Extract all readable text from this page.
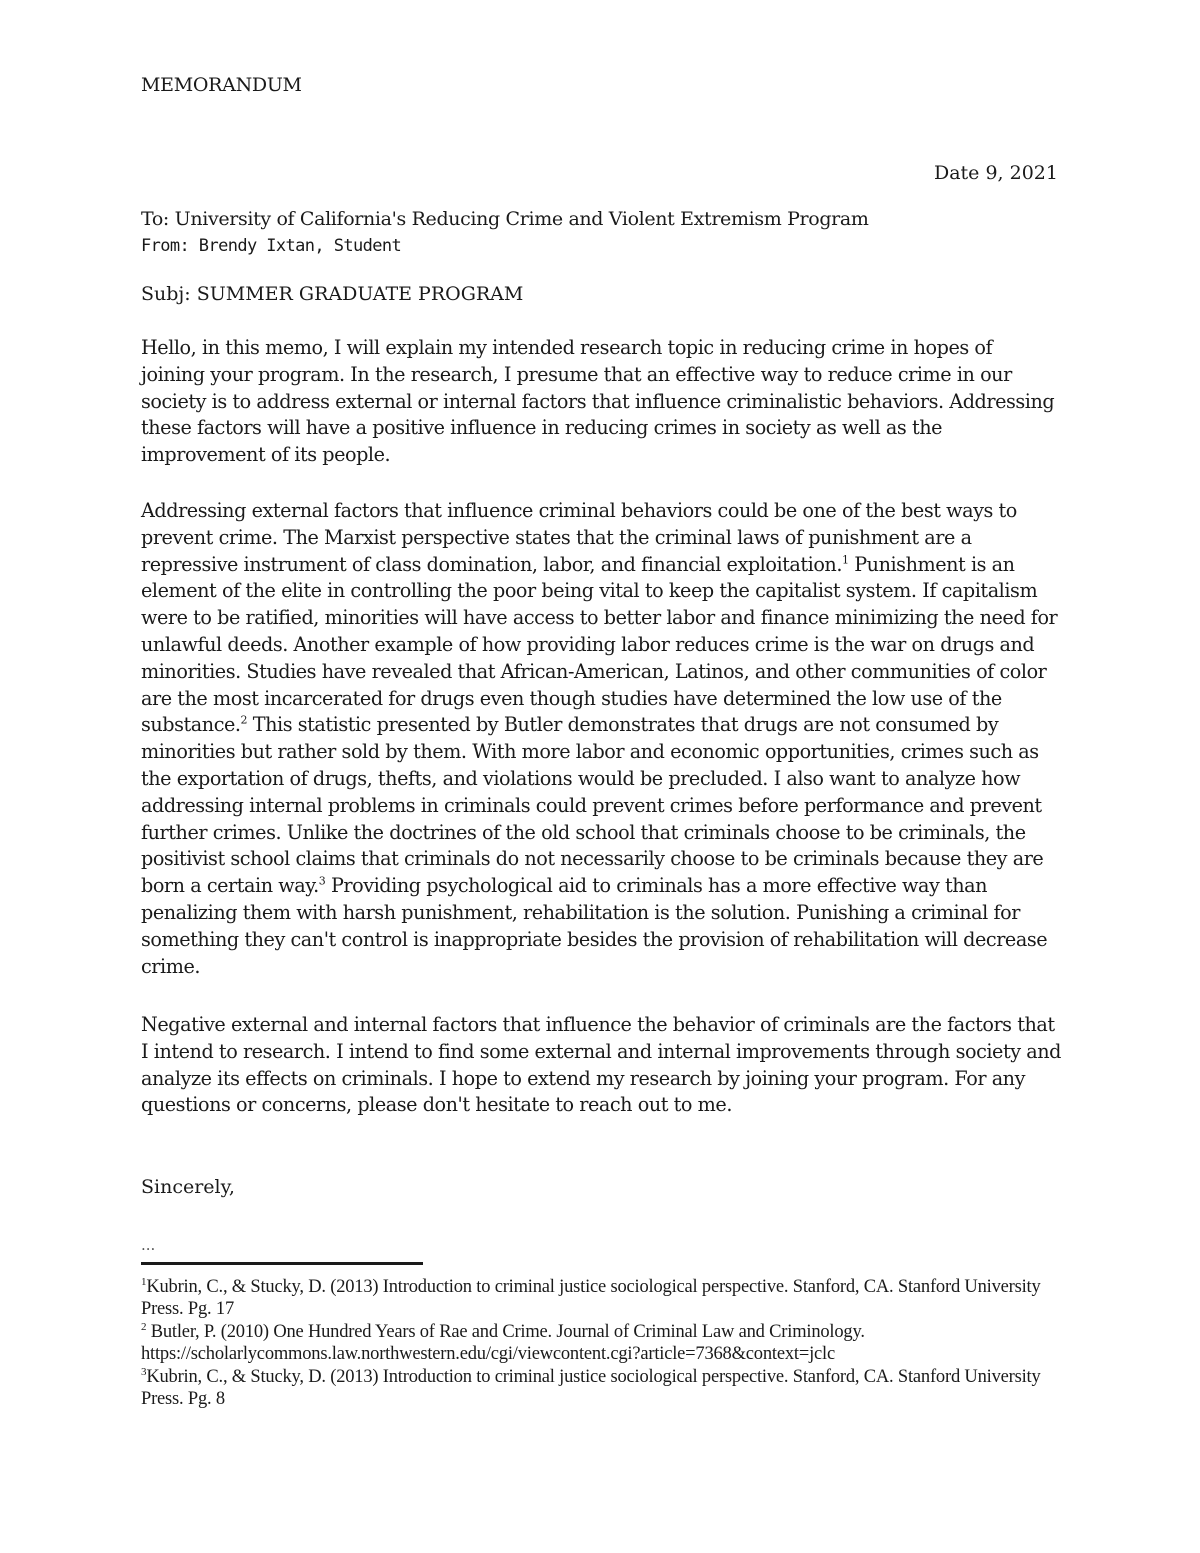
MEMORANDUM
Date 9, 2021
To: University of California's Reducing Crime and Violent Extremism Program
From: Brendy Ixtan, Student
Subj: SUMMER GRADUATE PROGRAM

Hello, in this memo, I will explain my intended research topic in reducing crime in hopes of joining your program. In the research, I presume that an effective way to reduce crime in our society is to address external or internal factors that influence criminalistic behaviors. Addressing these factors will have a positive influence in reducing crimes in society as well as the improvement of its people.

Addressing external factors that influence criminal behaviors could be one of the best ways to prevent crime. The Marxist perspective states that the criminal laws of punishment are a repressive instrument of class domination, labor, and financial exploitation.$^1$ Punishment is an element of the elite in controlling the poor being vital to keep the capitalist system. If capitalism were to be ratified, minorities will have access to better labor and finance minimizing the need for unlawful deeds. Another example of how providing labor reduces crime is the war on drugs and minorities. Studies have revealed that African-American, Latinos, and other communities of color are the most incarcerated for drugs even though studies have determined the low use of the substance.$^2$ This statistic presented by Butler demonstrates that drugs are not consumed by minorities but rather sold by them. With more labor and economic opportunities, crimes such as the exportation of drugs, thefts, and violations would be precluded. I also want to analyze how addressing internal problems in criminals could prevent crimes before performance and prevent further crimes. Unlike the doctrines of the old school that criminals choose to be criminals, the positivist school claims that criminals do not necessarily choose to be criminals because they are born a certain way.$^3$ Providing psychological aid to criminals has a more effective way than penalizing them with harsh punishment, rehabilitation is the solution. Punishing a criminal for something they can't control is inappropriate besides the provision of rehabilitation will decrease crime.

Negative external and internal factors that influence the behavior of criminals are the factors that I intend to research. I intend to find some external and internal improvements through society and analyze its effects on criminals. I hope to extend my research by joining your program. For any questions or concerns, please don't hesitate to reach out to me.

Sincerely,
...

$^1$Kubrin, C., & Stucky, D. (2013) Introduction to criminal justice sociological perspective. Stanford, CA. Stanford University Press. Pg. 17

$^2$ Butler, P. (2010) One Hundred Years of Rae and Crime. Journal of Criminal Law and Criminology. https://scholarlycommons.law.northwestern.edu/cgi/viewcontent.cgi?article=7368&context=jclc

$^3$Kubrin, C., & Stucky, D. (2013) Introduction to criminal justice sociological perspective. Stanford, CA. Stanford University Press. Pg. 8
